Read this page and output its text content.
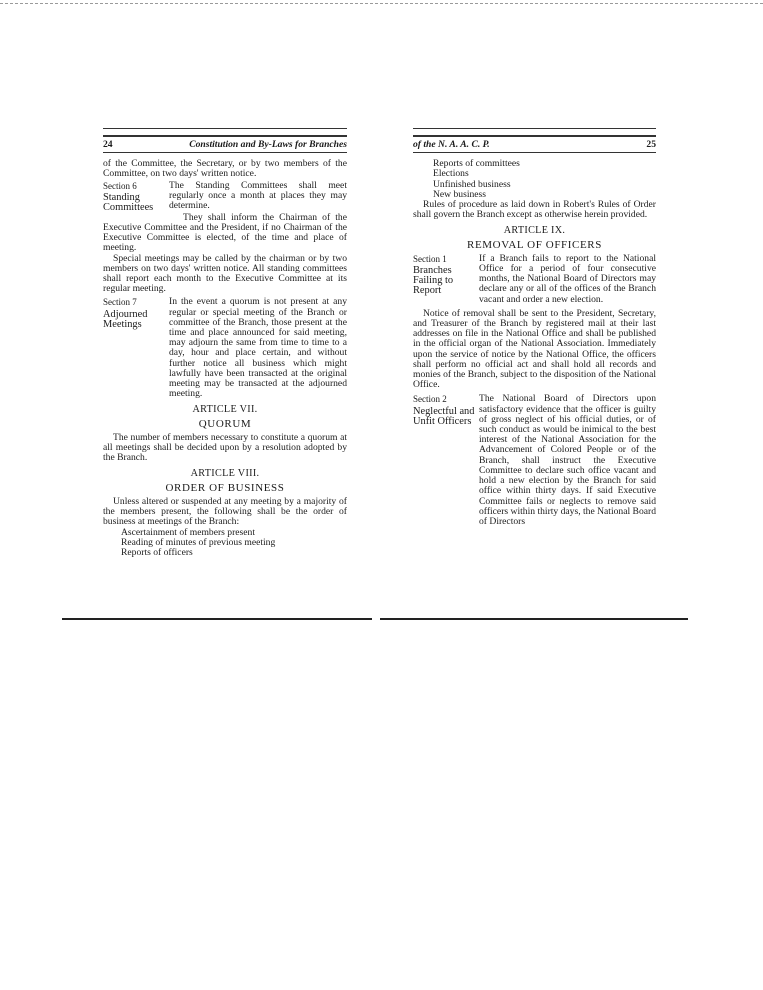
24	Constitution and By-Laws for Branches

of the Committee, the Secretary, or by two members of the Committee, on two days' written notice.

Section 6
Standing Committees

The Standing Committees shall meet regularly once a month at places they may determine.

They shall inform the Chairman of the Executive Committee and the President, if no Chairman of the Executive Committee is elected, of the time and place of meeting.

Special meetings may be called by the chairman or by two members on two days' written notice. All standing committees shall report each month to the Executive Committee at its regular meeting.

Section 7
Adjourned Meetings

In the event a quorum is not present at any regular or special meeting of the Branch or committee of the Branch, those present at the time and place announced for said meeting, may adjourn the same from time to time to a day, hour and place certain, and without further notice all business which might lawfully have been transacted at the original meeting may be transacted at the adjourned meeting.

ARTICLE VII.
QUORUM

The number of members necessary to constitute a quorum at all meetings shall be decided upon by a resolution adopted by the Branch.

ARTICLE VIII.
ORDER OF BUSINESS

Unless altered or suspended at any meeting by a majority of the members present, the following shall be the order of business at meetings of the Branch:

Ascertainment of members present
Reading of minutes of previous meeting
Reports of officers
of the N. A. A. C. P.	25
Reports of committees
Elections
Unfinished business
New business

Rules of procedure as laid down in Robert's Rules of Order shall govern the Branch except as otherwise herein provided.

ARTICLE IX.
REMOVAL OF OFFICERS
Section 1
Branches Failing to Report

If a Branch fails to report to the National Office for a period of four consecutive months, the National Board of Directors may declare any or all of the offices of the Branch vacant and order a new election.

Notice of removal shall be sent to the President, Secretary, and Treasurer of the Branch by registered mail at their last addresses on file in the National Office and shall be published in the official organ of the National Association. Immediately upon the service of notice by the National Office, the officers shall perform no official act and shall hold all records and monies of the Branch, subject to the disposition of the National Office.

Section 2
Neglectful and Unfit Officers

The National Board of Directors upon satisfactory evidence that the officer is guilty of gross neglect of his official duties, or of such conduct as would be inimical to the best interest of the National Association for the Advancement of Colored People or of the Branch, shall instruct the Executive Committee to declare such office vacant and hold a new election by the Branch for said office within thirty days. If said Executive Committee fails or neglects to remove said officers within thirty days, the National Board of Directors
